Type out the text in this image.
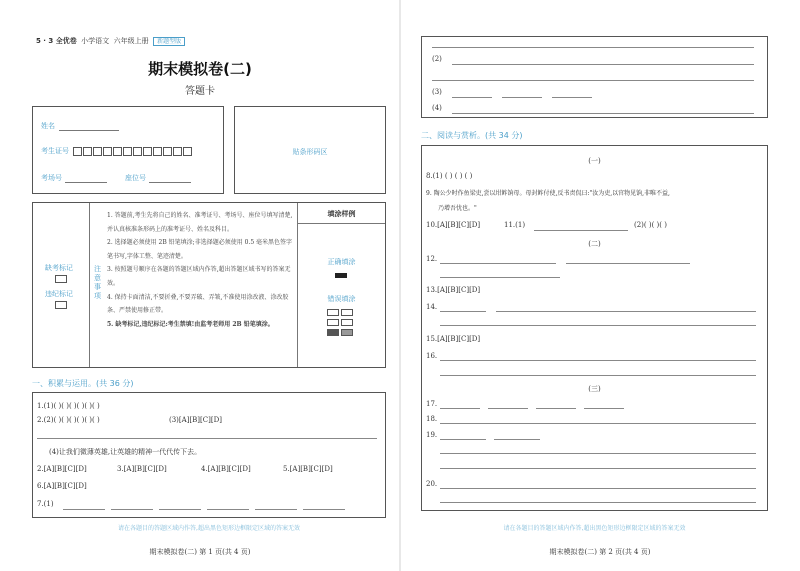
5 · 3 全优卷 小学语文 六年级上册 新题型版
期末模拟卷(二)
答题卡
姓名
考生证号
考场号	座位号
贴条形码区
缺考标记

违纪标记

注意事项
1. 答题前,考生先将自己的姓名、准考证号、考场号、座位号填写清楚,并认真核准条形码上的准考证号、姓名及科目。
2. 选择题必须使用 2B 铅笔填涂;非选择题必须使用 0.5 毫米黑色签字笔书写,字体工整、笔迹清楚。
3. 按照题号顺序在各题的答题区域内作答,超出答题区域书写的答案无效。
4. 保持卡面清洁,不要折叠,不要弄破、弄皱,不准使用涂改液、涂改胶条、严禁使用修正带。
5. 缺考标记,违纪标记:考生禁填!由监考老师用 2B 铅笔填涂。
填涂样例
正确填涂
错误填涂

一、积累与运用。(共 36 分)
1.(1)( )( )( )( )( )( )
2.(2)( )( )( )( )( )( )	(3)[A][B][C][D]
(4)让我们微薄英雄,让英雄的精神一代代传下去。
2.[A][B][C][D]	3.[A][B][C][D]	4.[A][B][C][D]	5.[A][B][C][D]
6.[A][B][C][D]
7.(1)
请在各题目的答题区域内作答,超出黑色矩形边框限定区域的答案无效
期末模拟卷(二) 第 1 页(共 4 页)
(2)
(3)
(4)
二、阅读与赏析。(共 34 分)
(一)
8.(1) ( ) ( ) ( )
9. 陶公少时作鱼梁吏,尝以坩鲊饷母。母封鲊付使,反书责侃曰:"汝为吏,以官物见饷,非唯不益,
乃增吾忧也。"
10.[A][B][C][D]	11.(1)	(2)( )( )( )
(二)
12.
13.[A][B][C][D]
14.
15.[A][B][C][D]
16.
(三)
17.
18.
19.
20.
请在各题目的答题区域内作答,超出黑色矩形边框限定区域的答案无效
期末模拟卷(二) 第 2 页(共 4 页)
